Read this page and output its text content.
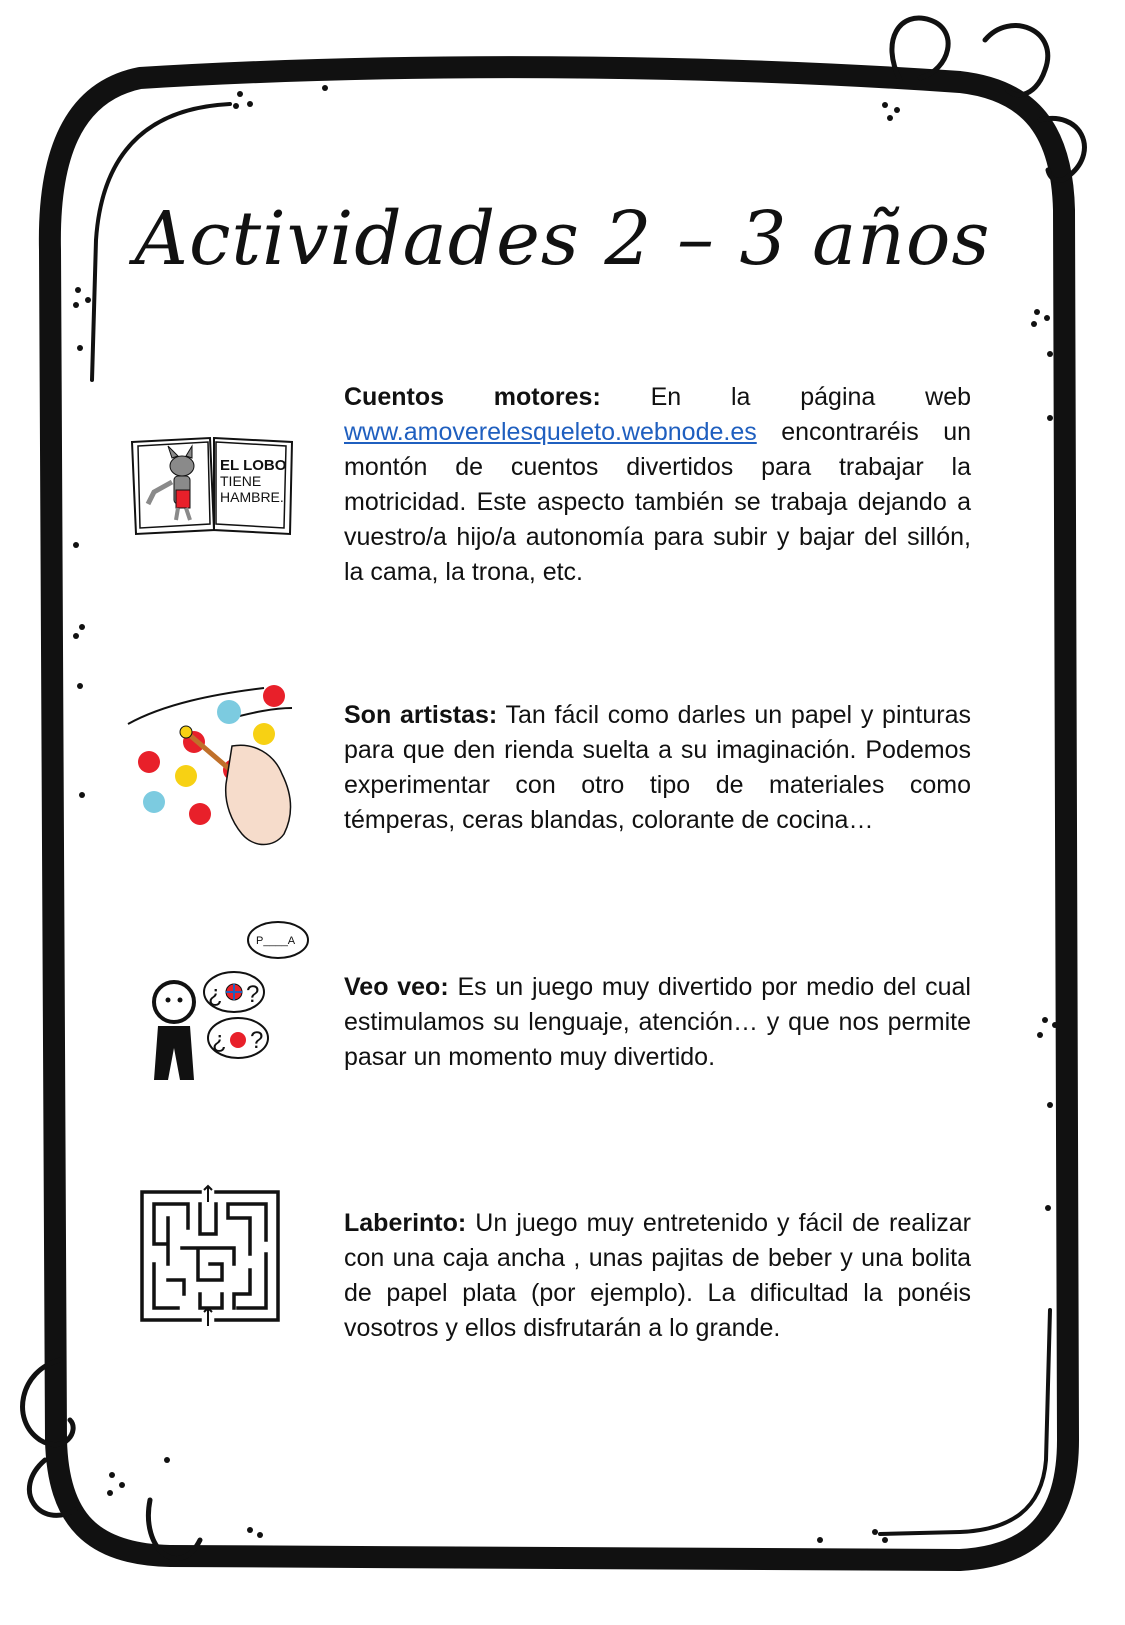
Actividades 2 – 3 años
EL LOBO
TIENE
HAMBRE.
Cuentos motores: En la página web www.amoverelesqueleto.webnode.es encontraréis un montón de cuentos divertidos para trabajar la motricidad. Este aspecto también se trabaja dejando a vuestro/a hijo/a autonomía para subir y bajar del sillón, la cama, la trona, etc.
Son artistas: Tan fácil como darles un papel y pinturas para que den rienda suelta a su imaginación. Podemos experimentar con otro tipo de materiales como témperas, ceras blandas, colorante de cocina…
P____A
¿ ?
¿ ?
Veo veo: Es un juego muy divertido por medio del cual estimulamos su lenguaje, atención… y que nos permite pasar un momento muy divertido.
Laberinto: Un juego muy entretenido y fácil de realizar con una caja ancha , unas pajitas de beber y una bolita de papel plata (por ejemplo). La dificultad la ponéis vosotros y ellos disfrutarán a lo grande.
